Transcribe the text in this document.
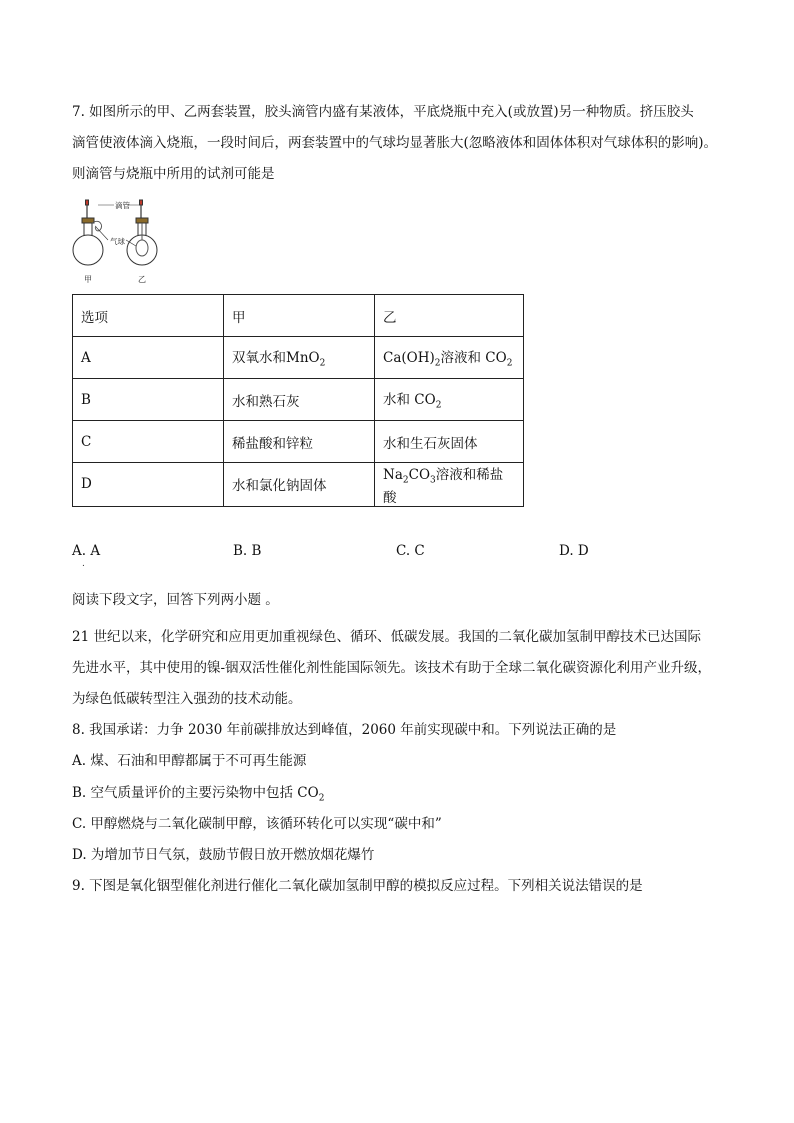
7. 如图所示的甲、乙两套装置，胶头滴管内盛有某液体，平底烧瓶中充入(或放置)另一种物质。挤压胶头
滴管使液体滴入烧瓶，一段时间后，两套装置中的气球均显著胀大(忽略液体和固体体积对气球体积的影响)。
则滴管与烧瓶中所用的试剂可能是
滴管
气球
甲	乙
选项	甲	乙
A	双氧水和MnO$_2$	$Ca(OH)_2$溶液和 $CO_2$
B	水和熟石灰	水和 $CO_2$
C	稀盐酸和锌粒	水和生石灰固体
D	水和氯化钠固体	$Na_2CO_3$溶液和稀盐酸
A. A	B. B	C. C	D. D
.
阅读下段文字，回答下列两小题 。
21 世纪以来，化学研究和应用更加重视绿色、循环、低碳发展。我国的二氧化碳加氢制甲醇技术已达国际
先进水平，其中使用的镍-铟双活性催化剂性能国际领先。该技术有助于全球二氧化碳资源化利用产业升级，
为绿色低碳转型注入强劲的技术动能。
8. 我国承诺：力争 2030 年前碳排放达到峰值，2060 年前实现碳中和。下列说法正确的是
A. 煤、石油和甲醇都属于不可再生能源
B. 空气质量评价的主要污染物中包括 $CO_2$
C. 甲醇燃烧与二氧化碳制甲醇，该循环转化可以实现“碳中和”
D. 为增加节日气氛，鼓励节假日放开燃放烟花爆竹
9. 下图是氧化铟型催化剂进行催化二氧化碳加氢制甲醇的模拟反应过程。下列相关说法错误的是
